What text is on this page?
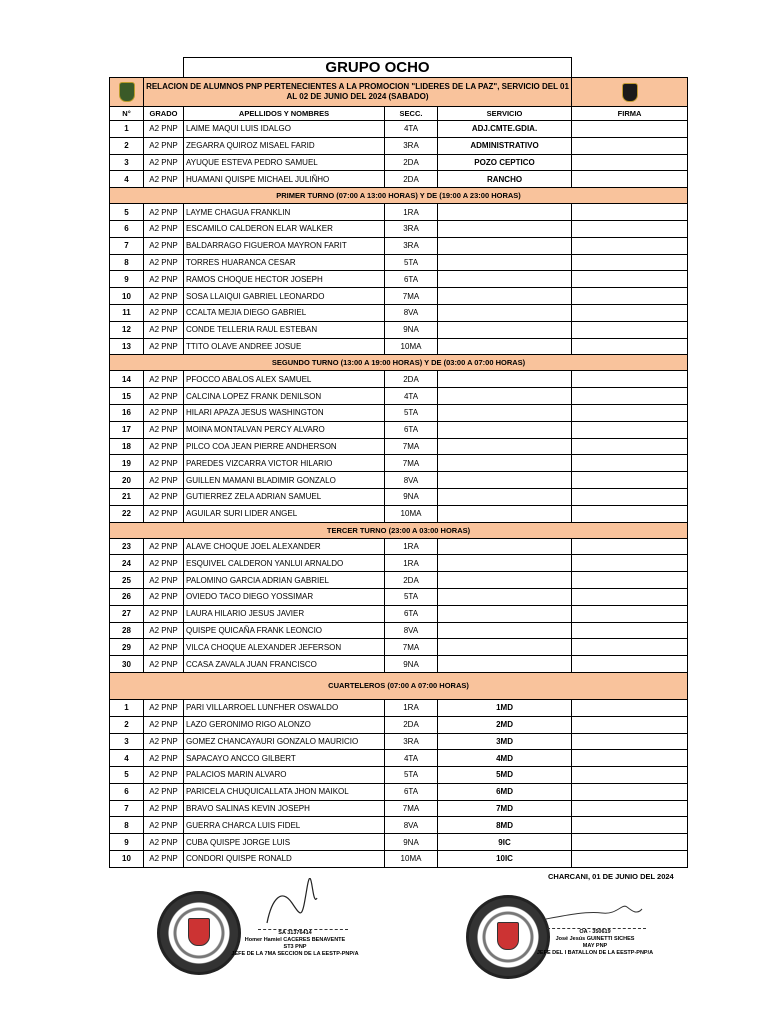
GRUPO OCHO
	RELACION DE ALUMNOS PNP PERTENECIENTES A LA PROMOCION "LIDERES DE LA PAZ", SERVICIO DEL 01 AL 02 DE JUNIO DEL 2024 (SABADO)				
N°	GRADO	APELLIDOS Y NOMBRES	SECC.	SERVICIO	FIRMA
1	A2 PNP	LAIME MAQUI LUIS IDALGO	4TA	ADJ.CMTE.GDIA.	
2	A2 PNP	ZEGARRA QUIROZ MISAEL FARID	3RA	ADMINISTRATIVO	
3	A2 PNP	AYUQUE ESTEVA PEDRO SAMUEL	2DA	POZO CEPTICO	
4	A2 PNP	HUAMANI QUISPE MICHAEL JULIÑHO	2DA	RANCHO	
PRIMER TURNO (07:00 A 13:00 HORAS) Y DE (19:00 A 23:00 HORAS)					
5	A2 PNP	LAYME CHAGUA FRANKLIN	1RA		
6	A2 PNP	ESCAMILO CALDERON ELAR WALKER	3RA		
7	A2 PNP	BALDARRAGO FIGUEROA MAYRON FARIT	3RA		
8	A2 PNP	TORRES HUARANCA CESAR	5TA		
9	A2 PNP	RAMOS CHOQUE HECTOR JOSEPH	6TA		
10	A2 PNP	SOSA LLAIQUI GABRIEL LEONARDO	7MA		
11	A2 PNP	CCALTA MEJIA DIEGO GABRIEL	8VA		
12	A2 PNP	CONDE TELLERIA RAUL ESTEBAN	9NA		
13	A2 PNP	TTITO OLAVE ANDREE JOSUE	10MA		
SEGUNDO TURNO (13:00 A 19:00 HORAS) Y DE (03:00 A 07:00 HORAS)					
14	A2 PNP	PFOCCO ABALOS ALEX SAMUEL	2DA		
15	A2 PNP	CALCINA LOPEZ FRANK DENILSON	4TA		
16	A2 PNP	HILARI APAZA JESUS WASHINGTON	5TA		
17	A2 PNP	MOINA MONTALVAN PERCY ALVARO	6TA		
18	A2 PNP	PILCO COA JEAN PIERRE ANDHERSON	7MA		
19	A2 PNP	PAREDES VIZCARRA VICTOR HILARIO	7MA		
20	A2 PNP	GUILLEN MAMANI BLADIMIR GONZALO	8VA		
21	A2 PNP	GUTIERREZ ZELA ADRIAN SAMUEL	9NA		
22	A2 PNP	AGUILAR SURI LIDER ANGEL	10MA		
TERCER TURNO (23:00 A 03:00 HORAS)					
23	A2 PNP	ALAVE CHOQUE JOEL ALEXANDER	1RA		
24	A2 PNP	ESQUIVEL CALDERON YANLUI ARNALDO	1RA		
25	A2 PNP	PALOMINO GARCIA ADRIAN GABRIEL	2DA		
26	A2 PNP	OVIEDO TACO DIEGO YOSSIMAR	5TA		
27	A2 PNP	LAURA HILARIO JESUS JAVIER	6TA		
28	A2 PNP	QUISPE QUICAÑA FRANK LEONCIO	8VA		
29	A2 PNP	VILCA CHOQUE ALEXANDER JEFERSON	7MA		
30	A2 PNP	CCASA ZAVALA JUAN FRANCISCO	9NA		
CUARTELEROS (07:00 A 07:00 HORAS)					
1	A2 PNP	PARI VILLARROEL LUNFHER OSWALDO	1RA	1MD	
2	A2 PNP	LAZO GERONIMO RIGO ALONZO	2DA	2MD	
3	A2 PNP	GOMEZ CHANCAYAURI GONZALO MAURICIO	3RA	3MD	
4	A2 PNP	SAPACAYO ANCCO GILBERT	4TA	4MD	
5	A2 PNP	PALACIOS MARIN ALVARO	5TA	5MD	
6	A2 PNP	PARICELA CHUQUICALLATA JHON MAIKOL	6TA	6MD	
7	A2 PNP	BRAVO SALINAS KEVIN JOSEPH	7MA	7MD	
8	A2 PNP	GUERRA CHARCA LUIS FIDEL	8VA	8MD	
9	A2 PNP	CUBA QUISPE JORGE LUIS	9NA	9IC	
10	A2 PNP	CONDORI QUISPE RONALD	10MA	10IC	
CHARCANI, 01 DE JUNIO DEL 2024
SA 31376414
Homer Hamiel CACERES BENAVENTE
ST3 PNP
JEFE DE LA 7MA SECCION DE LA EESTP-PNP/A
OA - 350619
José Jesús GUINETTI SICHES
MAY PNP
JEFE DEL I BATALLON DE LA EESTP-PNP/A
